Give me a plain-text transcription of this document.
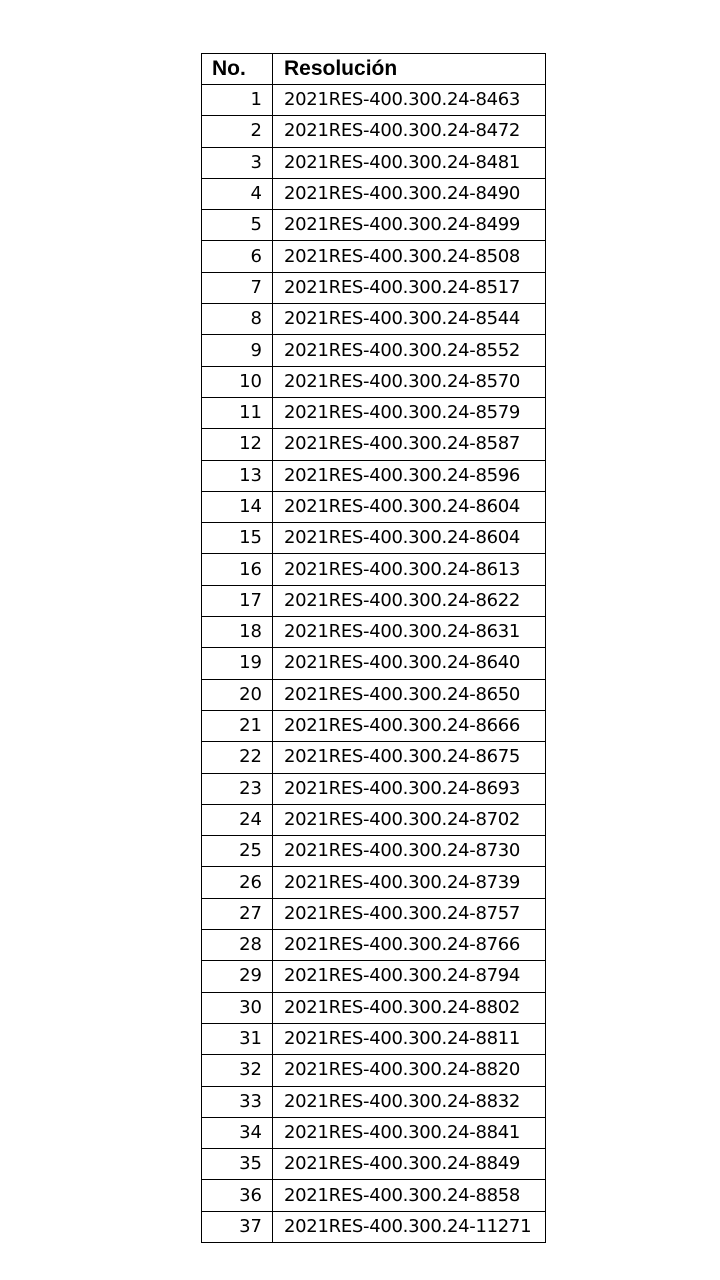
No.	Resolución
1	2021RES-400.300.24-8463
2	2021RES-400.300.24-8472
3	2021RES-400.300.24-8481
4	2021RES-400.300.24-8490
5	2021RES-400.300.24-8499
6	2021RES-400.300.24-8508
7	2021RES-400.300.24-8517
8	2021RES-400.300.24-8544
9	2021RES-400.300.24-8552
10	2021RES-400.300.24-8570
11	2021RES-400.300.24-8579
12	2021RES-400.300.24-8587
13	2021RES-400.300.24-8596
14	2021RES-400.300.24-8604
15	2021RES-400.300.24-8604
16	2021RES-400.300.24-8613
17	2021RES-400.300.24-8622
18	2021RES-400.300.24-8631
19	2021RES-400.300.24-8640
20	2021RES-400.300.24-8650
21	2021RES-400.300.24-8666
22	2021RES-400.300.24-8675
23	2021RES-400.300.24-8693
24	2021RES-400.300.24-8702
25	2021RES-400.300.24-8730
26	2021RES-400.300.24-8739
27	2021RES-400.300.24-8757
28	2021RES-400.300.24-8766
29	2021RES-400.300.24-8794
30	2021RES-400.300.24-8802
31	2021RES-400.300.24-8811
32	2021RES-400.300.24-8820
33	2021RES-400.300.24-8832
34	2021RES-400.300.24-8841
35	2021RES-400.300.24-8849
36	2021RES-400.300.24-8858
37	2021RES-400.300.24-11271
